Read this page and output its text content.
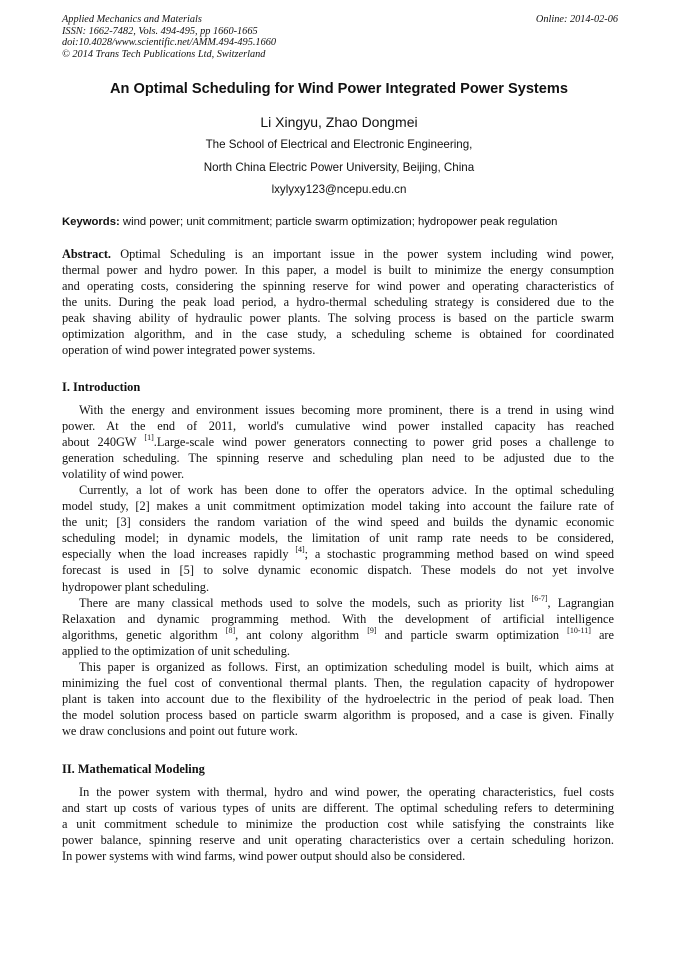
Applied Mechanics and Materials
ISSN: 1662-7482, Vols. 494-495, pp 1660-1665
doi:10.4028/www.scientific.net/AMM.494-495.1660
© 2014 Trans Tech Publications Ltd, Switzerland
Online: 2014-02-06
An Optimal Scheduling for Wind Power Integrated Power Systems
Li Xingyu, Zhao Dongmei
The School of Electrical and Electronic Engineering,
North China Electric Power University, Beijing, China
lxylyxy123@ncepu.edu.cn
Keywords: wind power; unit commitment; particle swarm optimization; hydropower peak regulation
Abstract. Optimal Scheduling is an important issue in the power system including wind power,
thermal power and hydro power. In this paper, a model is built to minimize the energy consumption
and operating costs, considering the spinning reserve for wind power and operating characteristics of
the units. During the peak load period, a hydro-thermal scheduling strategy is considered due to the
peak shaving ability of hydraulic power plants. The solving process is based on the particle swarm
optimization algorithm, and in the case study, a scheduling scheme is obtained for coordinated
operation of wind power integrated power systems.
I. Introduction
With the energy and environment issues becoming more prominent, there is a trend in using wind
power. At the end of 2011, world's cumulative wind power installed capacity has reached
about 240GW [1].Large-scale wind power generators connecting to power grid poses a challenge to
generation scheduling. The spinning reserve and scheduling plan need to be adjusted due to the
volatility of wind power.
Currently, a lot of work has been done to offer the operators advice. In the optimal scheduling
model study, [2] makes a unit commitment optimization model taking into account the failure rate of
the unit; [3] considers the random variation of the wind speed and builds the dynamic economic
scheduling model; in dynamic models, the limitation of unit ramp rate needs to be considered,
especially when the load increases rapidly [4]; a stochastic programming method based on wind speed
forecast is used in [5] to solve dynamic economic dispatch. These models do not yet involve
hydropower plant scheduling.
There are many classical methods used to solve the models, such as priority list [6-7], Lagrangian
Relaxation and dynamic programming method. With the development of artificial intelligence
algorithms, genetic algorithm [8], ant colony algorithm [9] and particle swarm optimization [10-11] are
applied to the optimization of unit scheduling.
This paper is organized as follows. First, an optimization scheduling model is built, which aims at
minimizing the fuel cost of conventional thermal plants. Then, the regulation capacity of hydropower
plant is taken into account due to the flexibility of the hydroelectric in the period of peak load. Then
the model solution process based on particle swarm algorithm is proposed, and a case is given. Finally
we draw conclusions and point out future work.
II. Mathematical Modeling
In the power system with thermal, hydro and wind power, the operating characteristics, fuel costs
and start up costs of various types of units are different. The optimal scheduling refers to determining
a unit commitment schedule to minimize the production cost while satisfying the constraints like
power balance, spinning reserve and unit operating characteristics over a certain scheduling horizon.
In power systems with wind farms, wind power output should also be considered.
